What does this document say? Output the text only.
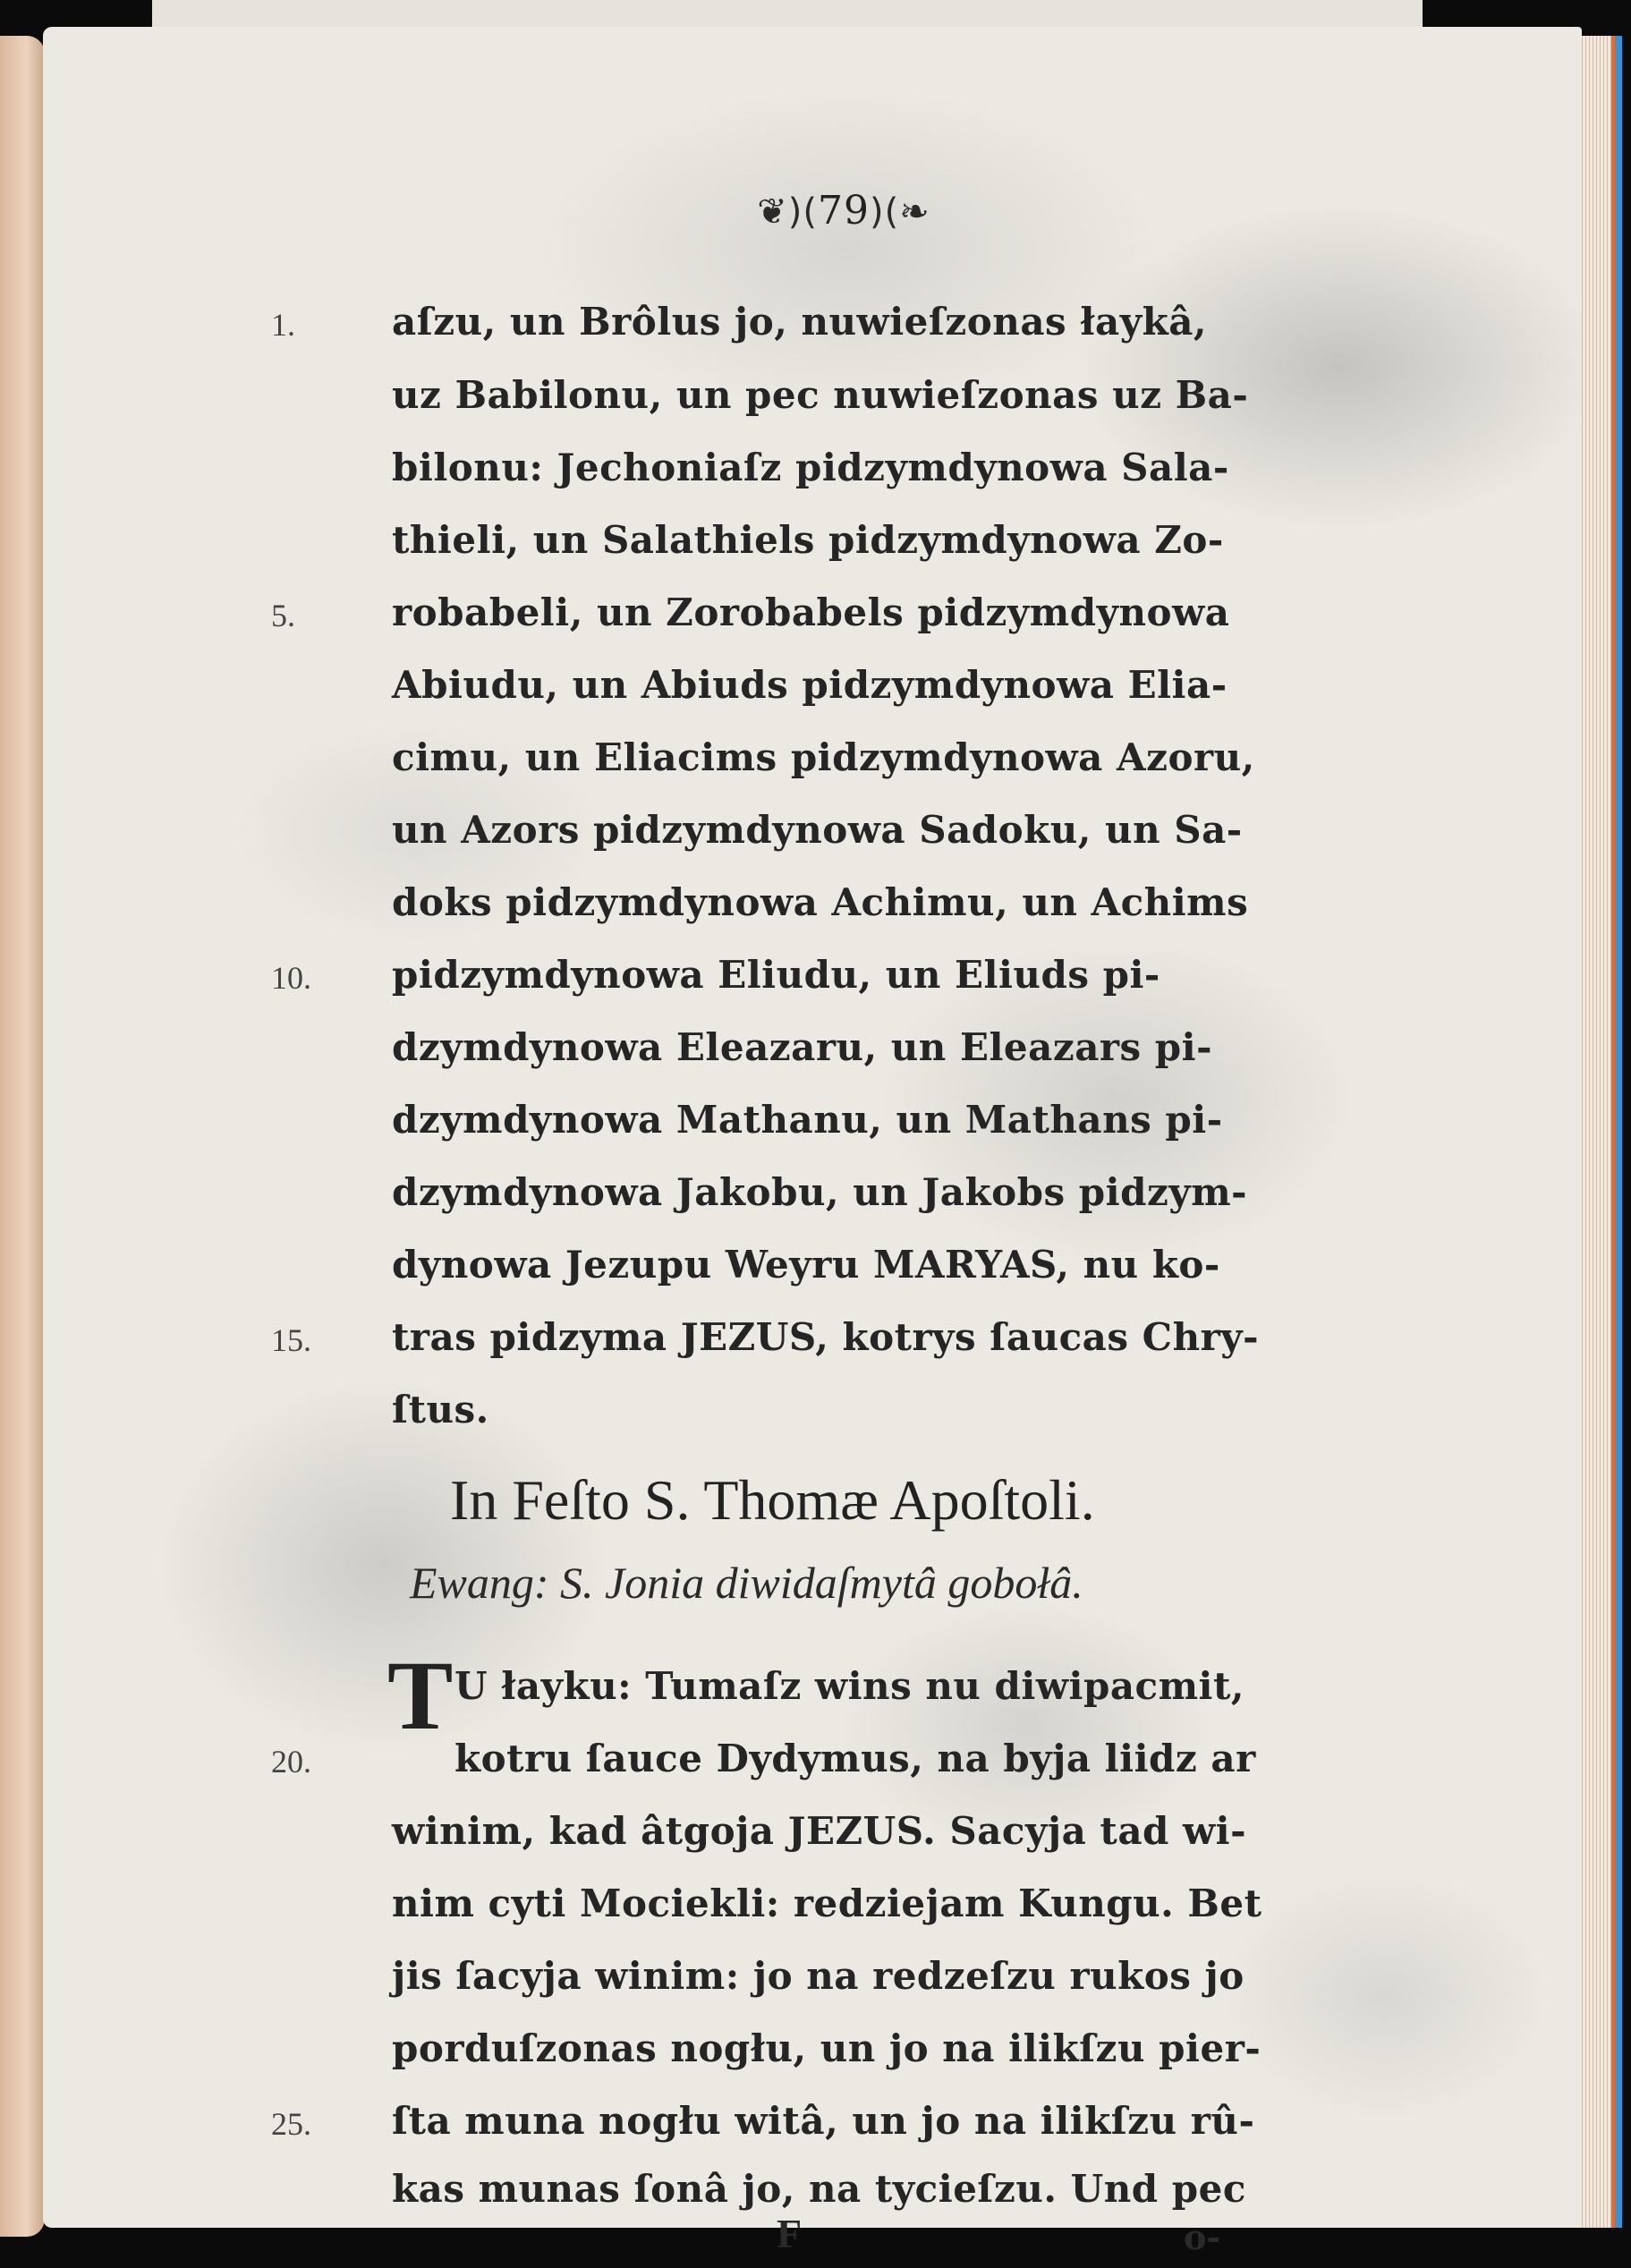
❦)(79)(❧
1.	aſzu, un Brôlus jo, nuwieſzonas łaykâ,
uz Babilonu, un pec nuwieſzonas uz Ba-
bilonu: Jechoniaſz pidzymdynowa Sala-
thieli, un Salathiels pidzymdynowa Zo-
5.	robabeli, un Zorobabels pidzymdynowa
Abiudu, un Abiuds pidzymdynowa Elia-
cimu, un Eliacims pidzymdynowa Azoru,
un Azors pidzymdynowa Sadoku, un Sa-
doks pidzymdynowa Achimu, un Achims
10. pidzymdynowa Eliudu, un Eliuds pi-
dzymdynowa Eleazaru, un Eleazars pi-
dzymdynowa Mathanu, un Mathans pi-
dzymdynowa Jakobu, un Jakobs pidzym-
dynowa Jezupu Weyru MARYAS, nu ko-
15. tras pidzyma JEZUS, kotrys ſaucas Chry-
ſtus.
In Feſto S. Thomæ Apoſtoli.
Ewang: S. Jonia diwidaſmytâ gobołâ.
T U łayku: Tumaſz wins nu diwipacmit,
20.	kotru ſauce Dydymus, na byja liidz ar
winim, kad âtgoja JEZUS. Sacyja tad wi-
nim cyti Mociekli: redziejam Kungu. Bet
jis ſacyja winim: jo na redzeſzu rukos jo
porduſzonas nogłu, un jo na ilikſzu pier-
25. ſta muna nogłu witâ, un jo na ilikſzu rû-
kas munas ſonâ jo, na tycieſzu. Und pec
F	o-
